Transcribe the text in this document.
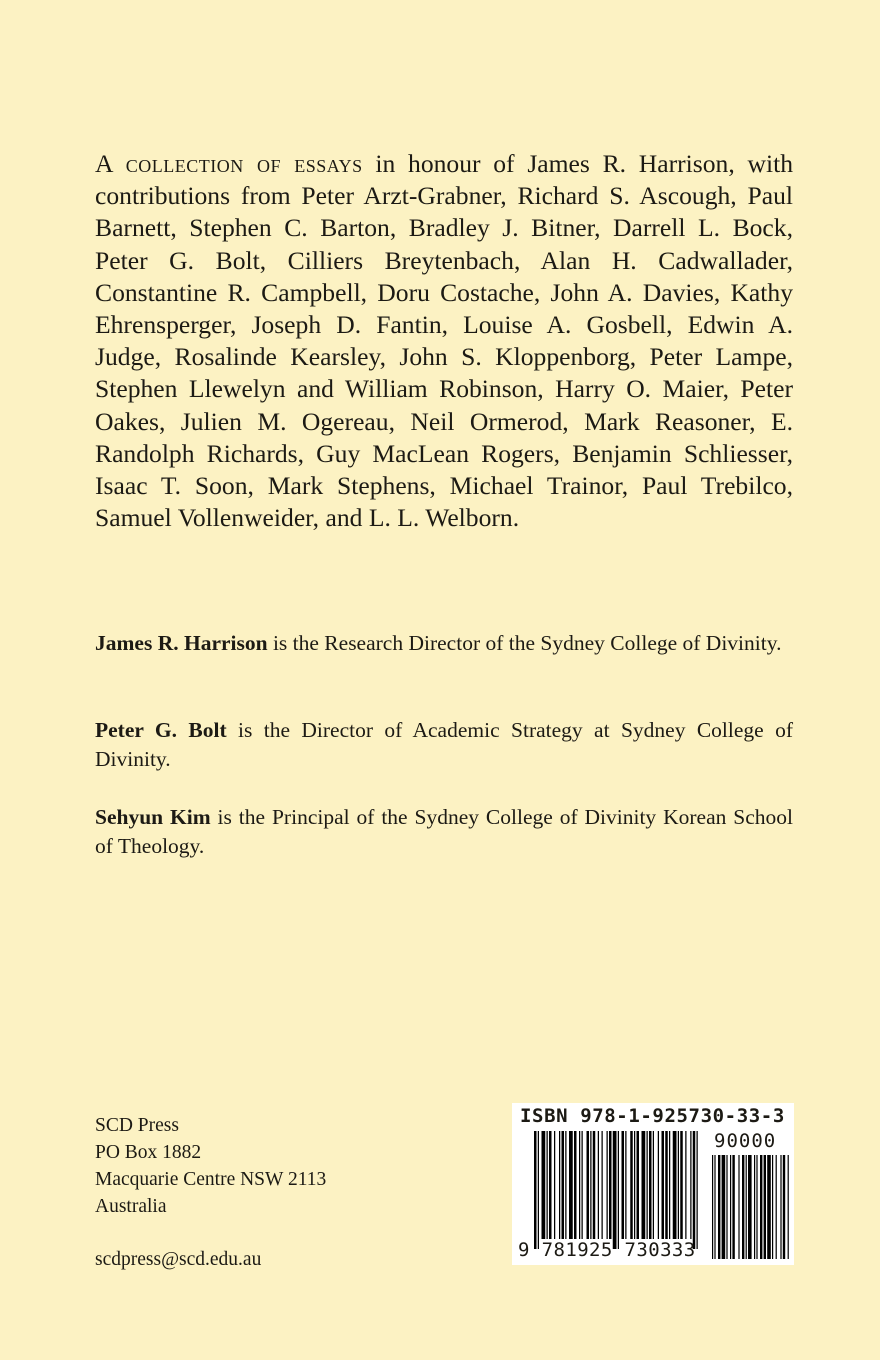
A collection of essays in honour of James R. Harrison, with contributions from Peter Arzt-Grabner, Richard S. Ascough, Paul Barnett, Stephen C. Barton, Bradley J. Bitner, Darrell L. Bock, Peter G. Bolt, Cilliers Breytenbach, Alan H. Cadwallader, Constantine R. Campbell, Doru Costache, John A. Davies, Kathy Ehrensperger, Joseph D. Fantin, Louise A. Gosbell, Edwin A. Judge, Rosalinde Kearsley, John S. Kloppenborg, Peter Lampe, Stephen Llewelyn and William Robinson, Harry O. Maier, Peter Oakes, Julien M. Ogereau, Neil Ormerod, Mark Reasoner, E. Randolph Richards, Guy MacLean Rogers, Benjamin Schliesser, Isaac T. Soon, Mark Stephens, Michael Trainor, Paul Trebilco, Samuel Vollenweider, and L. L. Welborn.

James R. Harrison is the Research Director of the Sydney College of Divinity.

Peter G. Bolt is the Director of Academic Strategy at Sydney College of Divinity.

Sehyun Kim is the Principal of the Sydney College of Divinity Korean School of Theology.

SCD Press
PO Box 1882
Macquarie Centre NSW 2113
Australia
scdpress@scd.edu.au
ISBN 978-1-925730-33-3
90000
9 781925 730333
